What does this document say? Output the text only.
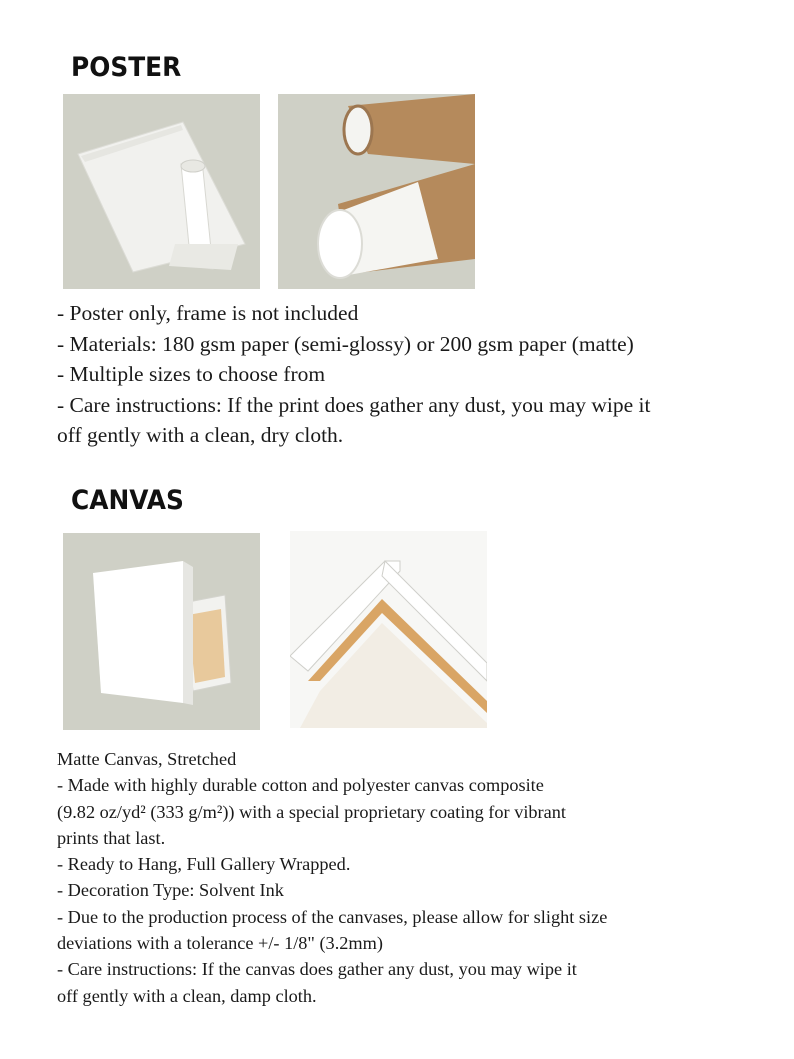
POSTER
- Poster only, frame is not included
- Materials: 180 gsm paper (semi-glossy) or 200 gsm paper (matte)
- Multiple sizes to choose from
- Care instructions: If the print does gather any dust, you may wipe it
off gently with a clean, dry cloth.
CANVAS
Matte Canvas, Stretched
- Made with highly durable cotton and polyester canvas composite
(9.82 oz/yd² (333 g/m²)) with a special proprietary coating for vibrant
prints that last.
- Ready to Hang, Full Gallery Wrapped.
- Decoration Type: Solvent Ink
- Due to the production process of the canvases, please allow for slight size
deviations with a tolerance +/- 1/8" (3.2mm)
- Care instructions: If the canvas does gather any dust, you may wipe it
off gently with a clean, damp cloth.
